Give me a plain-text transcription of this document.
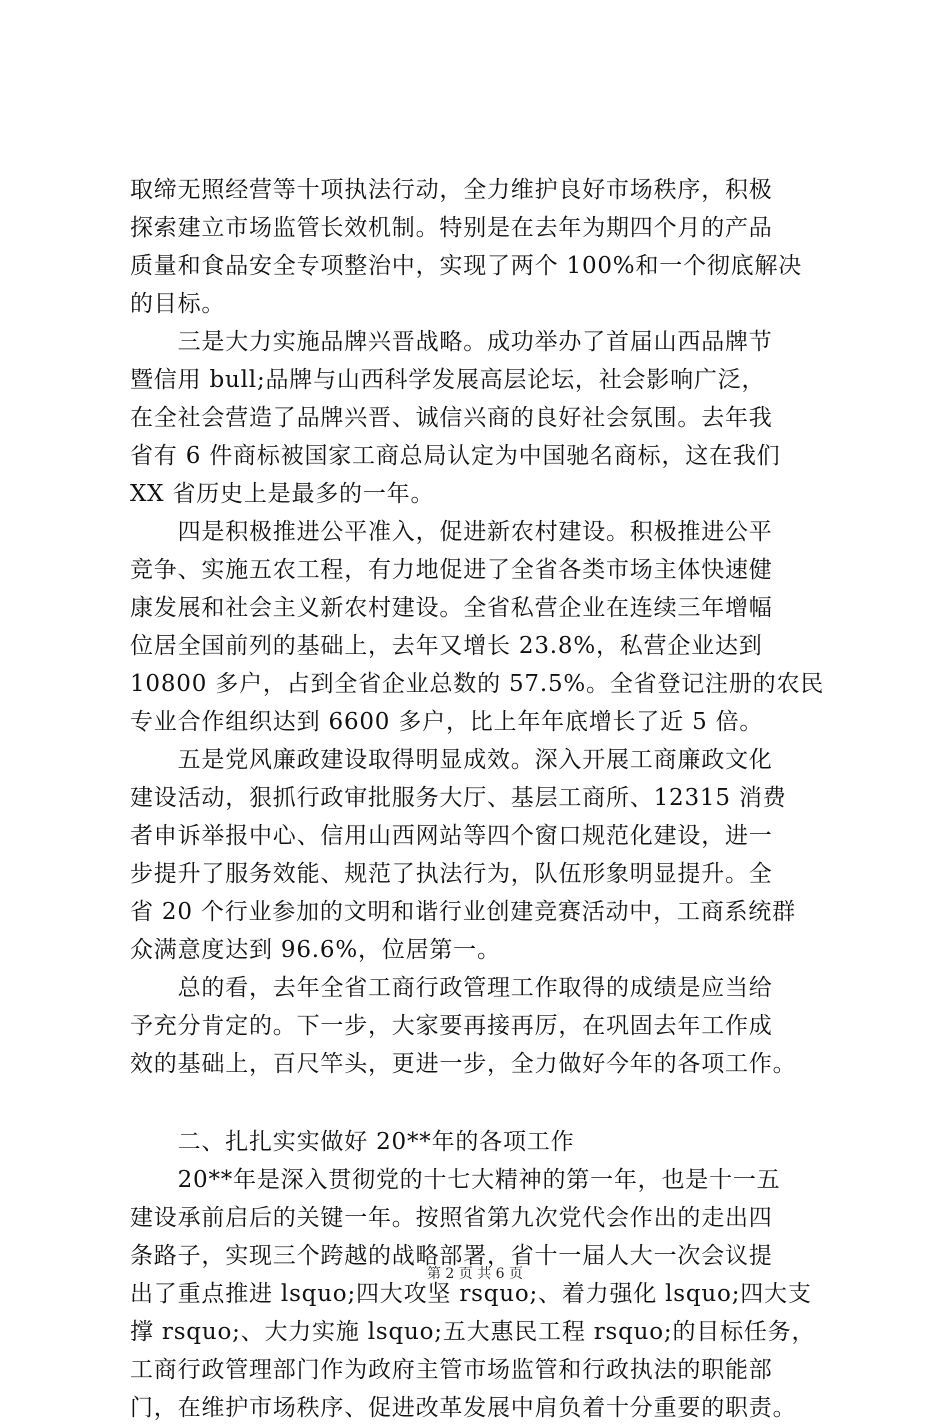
取缔无照经营等十项执法行动，全力维护良好市场秩序，积极
探索建立市场监管长效机制。特别是在去年为期四个月的产品
质量和食品安全专项整治中，实现了两个 100%和一个彻底解决
的目标。
　　三是大力实施品牌兴晋战略。成功举办了首届山西品牌节
暨信用 bull;品牌与山西科学发展高层论坛，社会影响广泛，
在全社会营造了品牌兴晋、诚信兴商的良好社会氛围。去年我
省有 6 件商标被国家工商总局认定为中国驰名商标，这在我们
XX 省历史上是最多的一年。
　　四是积极推进公平准入，促进新农村建设。积极推进公平
竞争、实施五农工程，有力地促进了全省各类市场主体快速健
康发展和社会主义新农村建设。全省私营企业在连续三年增幅
位居全国前列的基础上，去年又增长 23.8%，私营企业达到
10800 多户，占到全省企业总数的 57.5%。全省登记注册的农民
专业合作组织达到 6600 多户，比上年年底增长了近 5 倍。
　　五是党风廉政建设取得明显成效。深入开展工商廉政文化
建设活动，狠抓行政审批服务大厅、基层工商所、12315 消费
者申诉举报中心、信用山西网站等四个窗口规范化建设，进一
步提升了服务效能、规范了执法行为，队伍形象明显提升。全
省 20 个行业参加的文明和谐行业创建竞赛活动中，工商系统群
众满意度达到 96.6%，位居第一。
　　总的看，去年全省工商行政管理工作取得的成绩是应当给
予充分肯定的。下一步，大家要再接再厉，在巩固去年工作成
效的基础上，百尺竿头，更进一步，全力做好今年的各项工作。
　　二、扎扎实实做好 20**年的各项工作
　　20**年是深入贯彻党的十七大精神的第一年，也是十一五
建设承前启后的关键一年。按照省第九次党代会作出的走出四
条路子，实现三个跨越的战略部署，省十一届人大一次会议提
出了重点推进 lsquo;四大攻坚 rsquo;、着力强化 lsquo;四大支
撑 rsquo;、大力实施 lsquo;五大惠民工程 rsquo;的目标任务，
工商行政管理部门作为政府主管市场监管和行政执法的职能部
门，在维护市场秩序、促进改革发展中肩负着十分重要的职责。
第 2 页 共 6 页
